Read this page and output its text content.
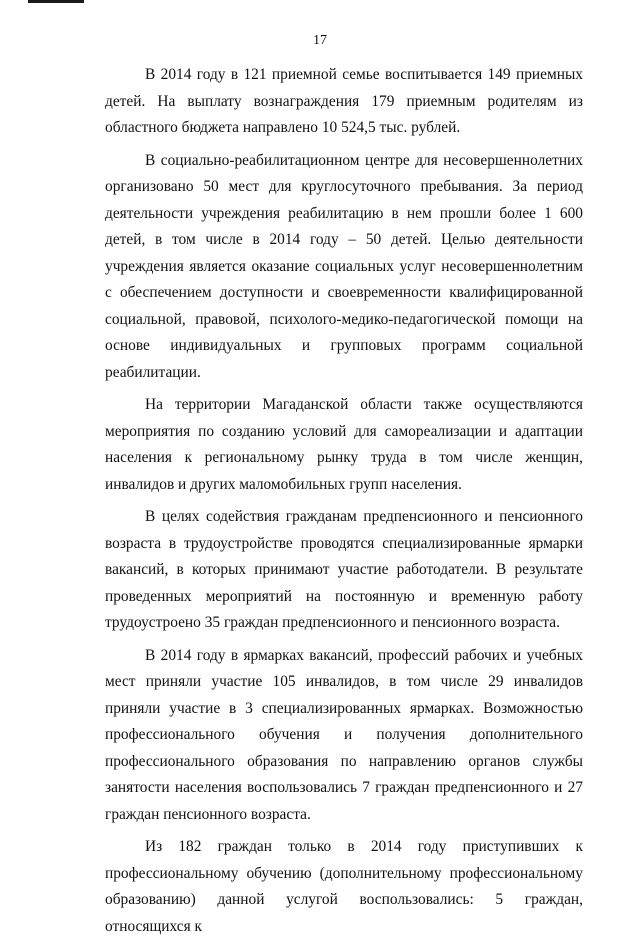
17

В 2014 году в 121 приемной семье воспитывается 149 приемных детей. На выплату вознаграждения 179 приемным родителям из областного бюджета направлено 10 524,5 тыс. рублей.

В социально-реабилитационном центре для несовершеннолетних организовано 50 мест для круглосуточного пребывания. За период деятельности учреждения реабилитацию в нем прошли более 1 600 детей, в том числе в 2014 году – 50 детей. Целью деятельности учреждения является оказание социальных услуг несовершеннолетним с обеспечением доступности и своевременности квалифицированной социальной, правовой, психолого-медико-педагогической помощи на основе индивидуальных и групповых программ социальной реабилитации.

На территории Магаданской области также осуществляются мероприятия по созданию условий для самореализации и адаптации населения к региональному рынку труда в том числе женщин, инвалидов и других маломобильных групп населения.

В целях содействия гражданам предпенсионного и пенсионного возраста в трудоустройстве проводятся специализированные ярмарки вакансий, в которых принимают участие работодатели. В результате проведенных мероприятий на постоянную и временную работу трудоустроено 35 граждан предпенсионного и пенсионного возраста.

В 2014 году в ярмарках вакансий, профессий рабочих и учебных мест приняли участие 105 инвалидов, в том числе 29 инвалидов приняли участие в 3 специализированных ярмарках. Возможностью профессионального обучения и получения дополнительного профессионального образования по направлению органов службы занятости населения воспользовались 7 граждан предпенсионного и 27 граждан пенсионного возраста.

Из 182 граждан только в 2014 году приступивших к профессиональному обучению (дополнительному профессиональному образованию) данной услугой воспользовались: 5 граждан, относящихся к
